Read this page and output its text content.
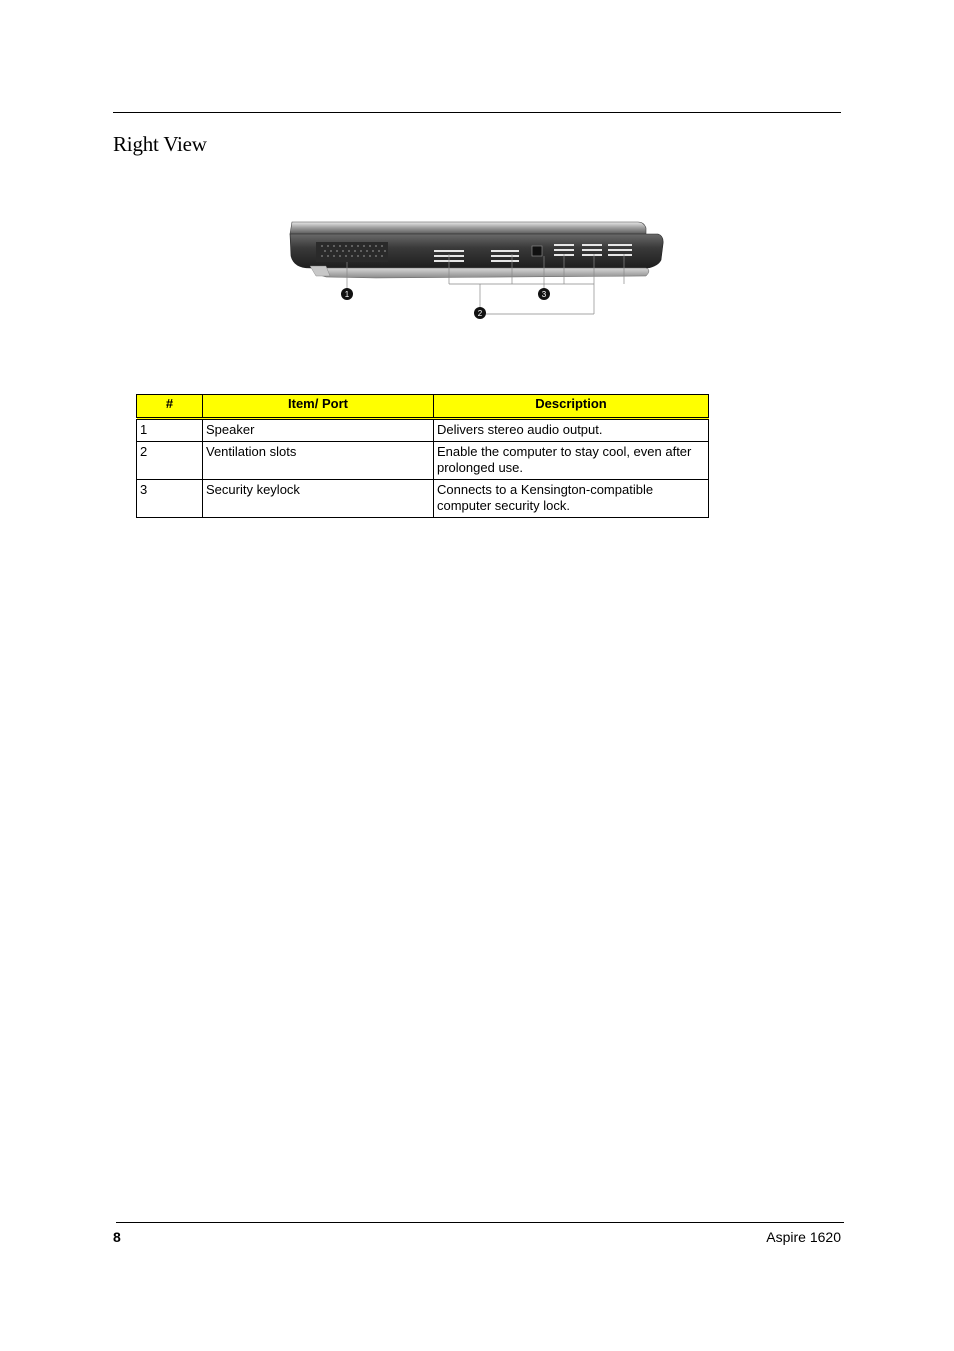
Right View
1
2
3
#	Item/ Port	Description
1	Speaker	Delivers stereo audio output.
2	Ventilation slots	Enable the computer to stay cool, even after prolonged use.
3	Security keylock	Connects to a Kensington-compatible computer security lock.
8	Aspire 1620
